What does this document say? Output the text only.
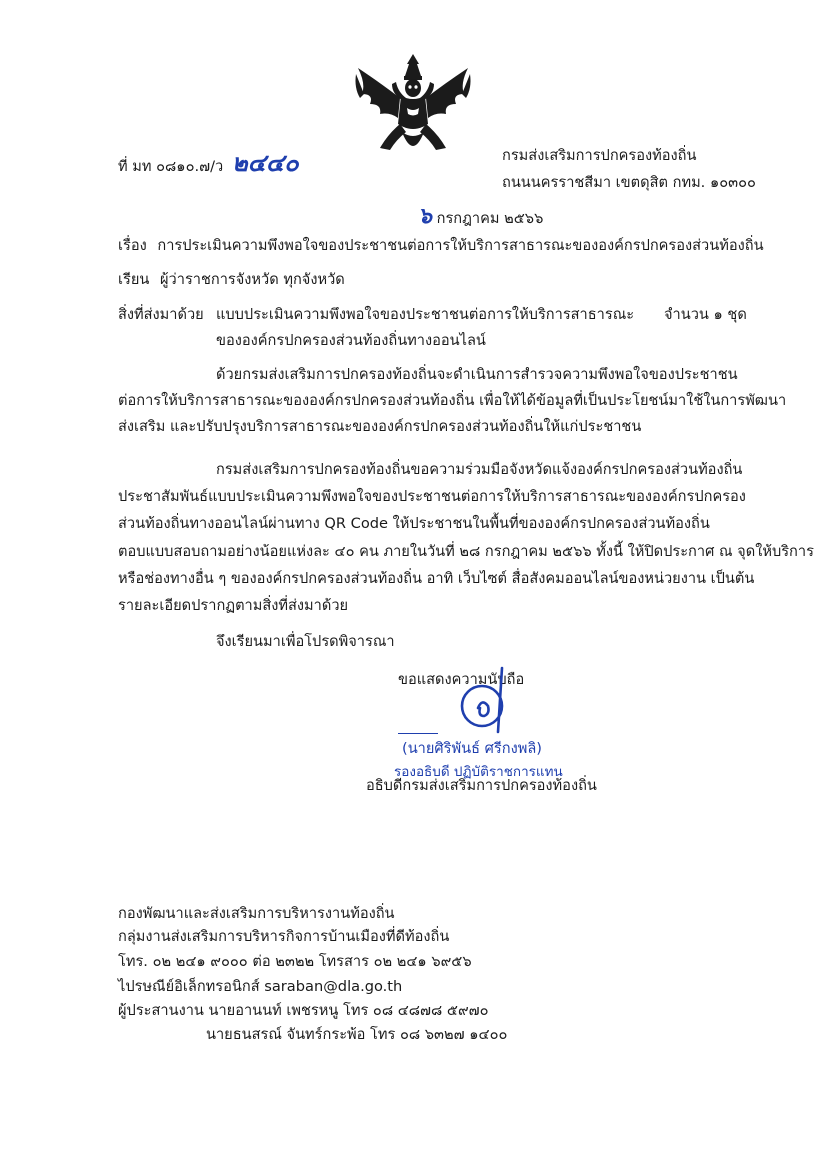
ที่ มท ๐๘๑๐.๗/ว ๒๔๔๐	กรมส่งเสริมการปกครองท้องถิ่น
ถนนนครราชสีมา เขตดุสิต กทม. ๑๐๓๐๐
๖ กรกฎาคม ๒๕๖๖
เรื่อง การประเมินความพึงพอใจของประชาชนต่อการให้บริการสาธารณะขององค์กรปกครองส่วนท้องถิ่น
เรียน ผู้ว่าราชการจังหวัด ทุกจังหวัด
สิ่งที่ส่งมาด้วย แบบประเมินความพึงพอใจของประชาชนต่อการให้บริการสาธารณะ จำนวน ๑ ชุด
ขององค์กรปกครองส่วนท้องถิ่นทางออนไลน์
ด้วยกรมส่งเสริมการปกครองท้องถิ่นจะดำเนินการสำรวจความพึงพอใจของประชาชน
ต่อการให้บริการสาธารณะขององค์กรปกครองส่วนท้องถิ่น เพื่อให้ได้ข้อมูลที่เป็นประโยชน์มาใช้ในการพัฒนา
ส่งเสริม และปรับปรุงบริการสาธารณะขององค์กรปกครองส่วนท้องถิ่นให้แก่ประชาชน
กรมส่งเสริมการปกครองท้องถิ่นขอความร่วมมือจังหวัดแจ้งองค์กรปกครองส่วนท้องถิ่น
ประชาสัมพันธ์แบบประเมินความพึงพอใจของประชาชนต่อการให้บริการสาธารณะขององค์กรปกครอง
ส่วนท้องถิ่นทางออนไลน์ผ่านทาง QR Code ให้ประชาชนในพื้นที่ขององค์กรปกครองส่วนท้องถิ่น
ตอบแบบสอบถามอย่างน้อยแห่งละ ๔๐ คน ภายในวันที่ ๒๘ กรกฎาคม ๒๕๖๖ ทั้งนี้ ให้ปิดประกาศ ณ จุดให้บริการ
หรือช่องทางอื่น ๆ ขององค์กรปกครองส่วนท้องถิ่น อาทิ เว็บไซต์ สื่อสังคมออนไลน์ของหน่วยงาน เป็นต้น
รายละเอียดปรากฏตามสิ่งที่ส่งมาด้วย
จึงเรียนมาเพื่อโปรดพิจารณา
ขอแสดงความนับถือ
(นายศิริพันธ์ ศรีกงพลิ)
รองอธิบดี ปฏิบัติราชการแทน
อธิบดีกรมส่งเสริมการปกครองท้องถิ่น
กองพัฒนาและส่งเสริมการบริหารงานท้องถิ่น
กลุ่มงานส่งเสริมการบริหารกิจการบ้านเมืองที่ดีท้องถิ่น
โทร. ๐๒ ๒๔๑ ๙๐๐๐ ต่อ ๒๓๒๒ โทรสาร ๐๒ ๒๔๑ ๖๙๕๖
ไปรษณีย์อิเล็กทรอนิกส์ saraban@dla.go.th
ผู้ประสานงาน นายอานนท์ เพชรหนู โทร ๐๘ ๔๘๗๘ ๕๙๗๐
นายธนสรณ์ จันทร์กระพ้อ โทร ๐๘ ๖๓๒๗ ๑๔๐๐
